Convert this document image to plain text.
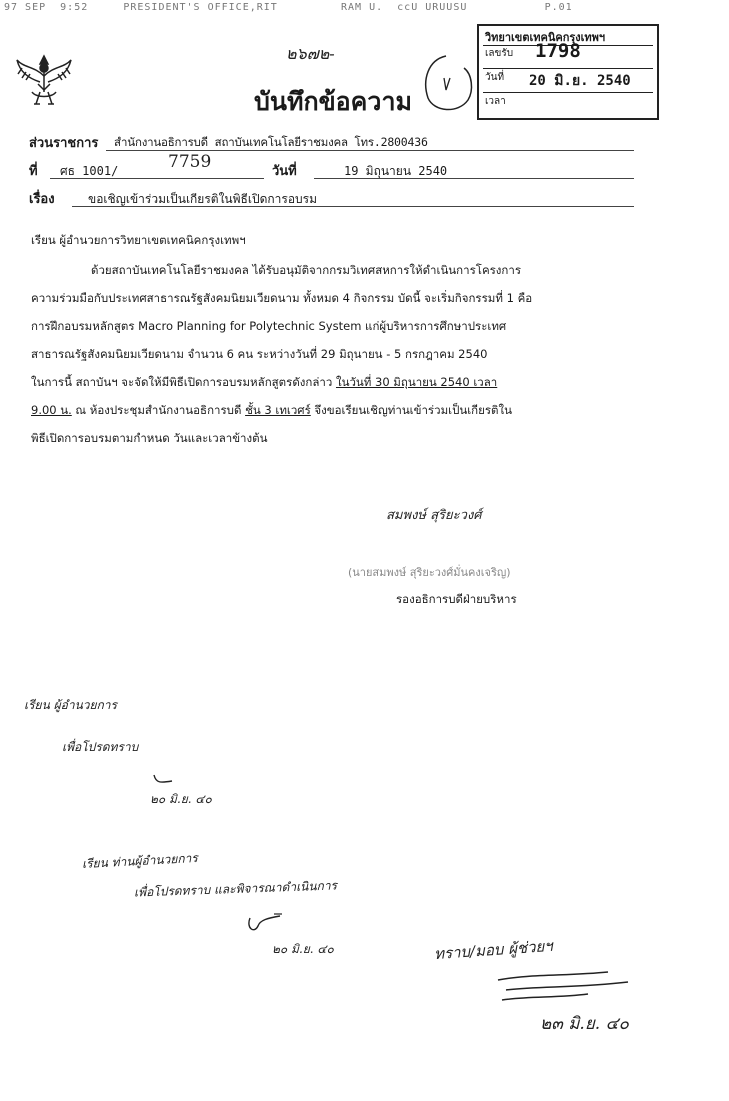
97 SEP  9:52     PRESIDENT'S OFFICE,RIT         RAM U.  ccU URUUSU           P.01
๒๖๗๒-
วิทยาเขตเทคนิคกรุงเทพฯ
เลขรับ	1798
วันที่	20 มิ.ย. 2540
เวลา
บันทึกข้อความ
ส่วนราชการ สำนักงานอธิการบดี สถาบันเทคโนโลยีราชมงคล โทร.2800436
ที่ ศธ 1001/	7759	วันที่	19 มิถุนายน 2540
เรื่อง	ขอเชิญเข้าร่วมเป็นเกียรติในพิธีเปิดการอบรม
เรียน ผู้อำนวยการวิทยาเขตเทคนิคกรุงเทพฯ

ด้วยสถาบันเทคโนโลยีราชมงคล ได้รับอนุมัติจากกรมวิเทศสหการให้ดำเนินการโครงการ

ความร่วมมือกับประเทศสาธารณรัฐสังคมนิยมเวียดนาม ทั้งหมด 4 กิจกรรม บัดนี้ จะเริ่มกิจกรรมที่ 1 คือ

การฝึกอบรมหลักสูตร Macro Planning for Polytechnic System แก่ผู้บริหารการศึกษาประเทศ

สาธารณรัฐสังคมนิยมเวียดนาม จำนวน 6 คน ระหว่างวันที่ 29 มิถุนายน - 5 กรกฎาคม 2540

ในการนี้ สถาบันฯ จะจัดให้มีพิธีเปิดการอบรมหลักสูตรดังกล่าว ในวันที่ 30 มิถุนายน 2540 เวลา

9.00 น. ณ ห้องประชุมสำนักงานอธิการบดี ชั้น 3 เทเวศร์ จึงขอเรียนเชิญท่านเข้าร่วมเป็นเกียรติใน

พิธีเปิดการอบรมตามกำหนด วันและเวลาข้างต้น

สมพงษ์ สุริยะวงศ์
(นายสมพงษ์ สุริยะวงศ์มั่นคงเจริญ)
รองอธิการบดีฝ่ายบริหาร
เรียน ผู้อำนวยการ
เพื่อโปรดทราบ
๒๐ มิ.ย. ๔๐
เรียน ท่านผู้อำนวยการ
เพื่อโปรดทราบ และพิจารณาดำเนินการ
๒๐ มิ.ย. ๔๐	ทราบ/มอบ ผู้ช่วยฯ
๒๓ มิ.ย. ๔๐
